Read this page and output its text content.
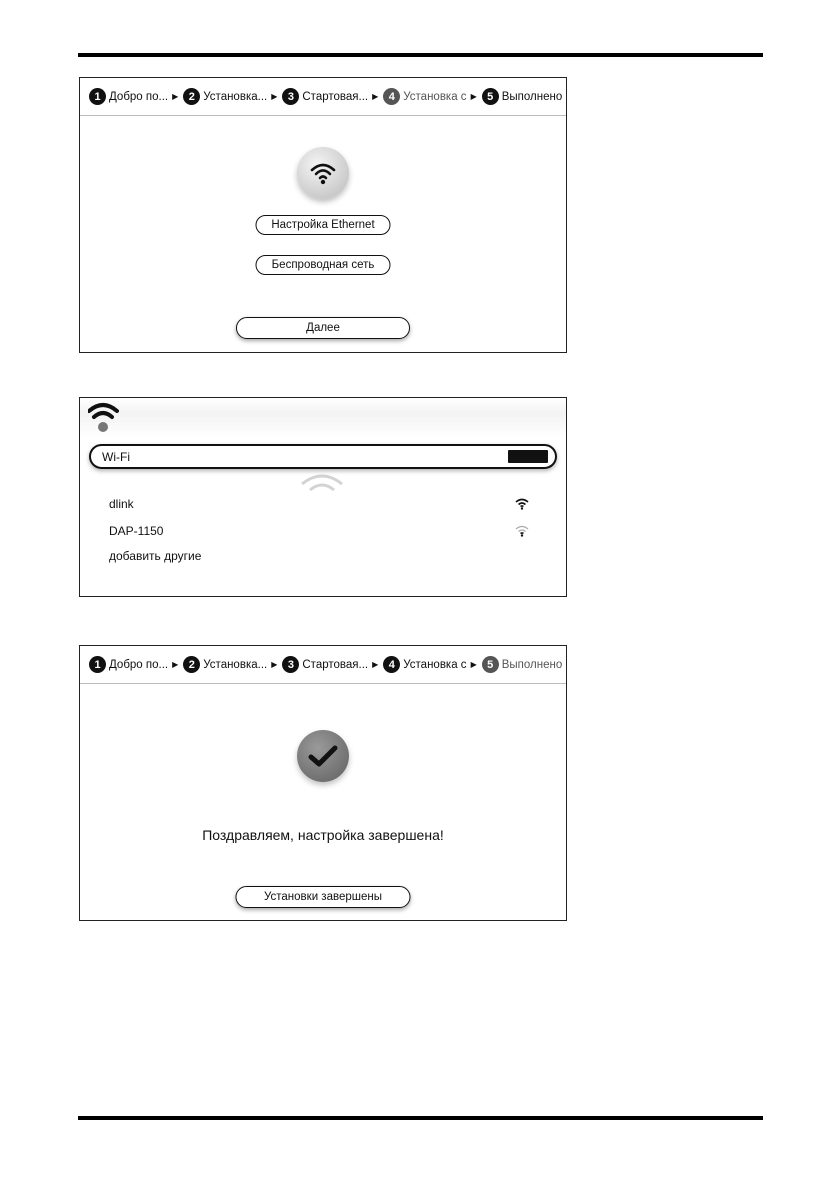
1 Добро по... ▶ 2 Установка... ▶ 3 Стартовая... ▶ 4 Установка с ▶ 5 Выполнено
Настройка Ethernet
Беспроводная сеть
Далее
Wi-Fi
dlink
DAP-1150
добавить другие
1 Добро по... ▶ 2 Установка... ▶ 3 Стартовая... ▶ 4 Установка с ▶ 5 Выполнено
Поздравляем, настройка завершена!
Установки завершены
